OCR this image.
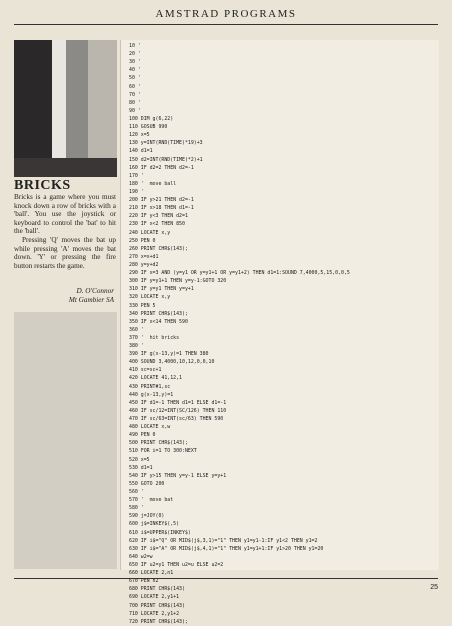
AMSTRAD PROGRAMS
BRICKS

Bricks is a game where you must knock down a row of bricks with a 'ball'. You use the joystick or keyboard to control the 'bat' to hit the 'ball'.

Pressing 'Q' moves the bat up while pressing 'A' moves the bat down. 'Y' or pressing the fire button restarts the game.

D. O'Connor
Mt Gambier SA
10 '
20 '
30 '
40 '
50 '
60 '
70 '
80 '
90 '
100 DIM g(6,22)
110 GOSUB 990
120 x=5
130 y=INT(RND(TIME)*19)+3
140 d1=1
150 d2=INT(RND(TIME)*2)+1
160 IF d2=2 THEN d2=-1
170 '
180 '  move ball
190 '
200 IF y>21 THEN d2=-1
210 IF x>18 THEN d1=-1
220 IF y<3 THEN d2=1
230 IF x<2 THEN 850
240 LOCATE x,y
250 PEN 0
260 PRINT CHR$(143);
270 x=x+d1
280 y=y+d2
290 IF x=3 AND (y=y1 OR y=y1+1 OR y=y1+2) THEN d1=1:SOUND 7,4000,5,15,0,0,5
300 IF y=y1+1 THEN y=y-1:GOTO 320
310 IF y=y1 THEN y=y+1
320 LOCATE x,y
330 PEN 5
340 PRINT CHR$(143);
350 IF x<14 THEN 590
360 '
370 '  hit bricks
380 '
390 IF g(x-13,y)=1 THEN 380
400 SOUND 3,4000,10,12,0,0,10
410 sc=sc+1
420 LOCATE 41,12,1
430 PRINT#1,sc
440 g(x-13,y)=1
450 IF d1=-1 THEN d1=1 ELSE d1=-1
460 IF sc/12=INT(SC/126) THEN 110
470 IF sc/63=INT(sc/63) THEN 590
480 LOCATE x,w
490 PEN 0
500 PRINT CHR$(143);
510 FOR i=1 TO 300:NEXT
520 x=5
530 d1=1
540 IF y>15 THEN y=y-1 ELSE y=y+1
550 GOTO 200
560 '
570 '  move bat
580 '
590 j=JOY(0)
600 j$=INKEY$(,5)
610 i$=UPPER$(INKEY$)
620 IF i$="Q" OR MID$(j$,3,1)="1" THEN y1=y1-1:IF y1<2 THEN y1=2
630 IF i$="A" OR MID$(j$,4,1)="1" THEN y1=y1+1:IF y1>20 THEN y1=20
640 w2=w
650 IF u2=y1 THEN u2=u ELSE u2=2
660 LOCATE 2,n1
670 PEN n2
680 PRINT CHR$(143)
690 LOCATE 2,y1+1
700 PRINT CHR$(143)
710 LOCATE 2,y1+2
720 PRINT CHR$(143);
25
